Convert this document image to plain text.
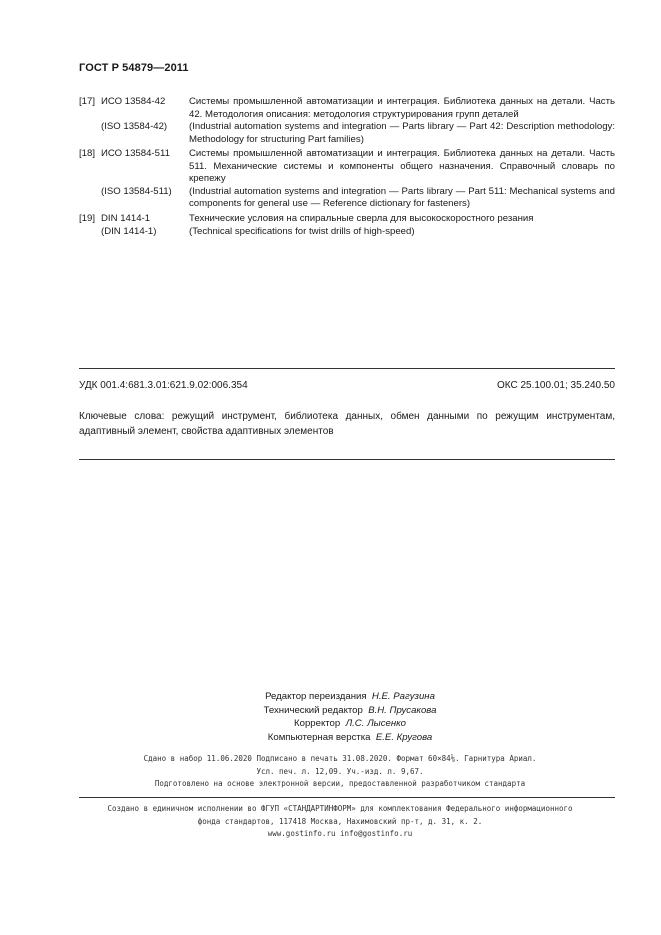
ГОСТ Р 54879—2011
[17] ИСО 13584-42 Системы промышленной автоматизации и интеграция. Библиотека данных на детали. Часть 42. Методология описания: методология структурирования групп деталей
(ISO 13584-42) (Industrial automation systems and integration — Parts library — Part 42: Description methodology: Methodology for structuring Part families)
[18] ИСО 13584-511 Системы промышленной автоматизации и интеграция. Библиотека данных на детали. Часть 511. Механические системы и компоненты общего назначения. Справочный словарь по крепежу
(ISO 13584-511) (Industrial automation systems and integration — Parts library — Part 511: Mechanical systems and components for general use — Reference dictionary for fasteners)
[19] DIN 1414-1	Технические условия на спиральные сверла для высокоскоростного резания
(DIN 1414-1)	(Technical specifications for twist drills of high-speed)
УДК 001.4:681.3.01:621.9.02:006.354	ОКС 25.100.01; 35.240.50
Ключевые слова: режущий инструмент, библиотека данных, обмен данными по режущим инструментам, адаптивный элемент, свойства адаптивных элементов
Редактор переиздания Н.Е. Рагузина
Технический редактор В.Н. Прусакова
Корректор Л.С. Лысенко
Компьютерная верстка Е.Е. Кругова
Сдано в набор 11.06.2020 Подписано в печать 31.08.2020. Формат 60×84⅛. Гарнитура Ариал.
Усл. печ. л. 12,09. Уч.-изд. л. 9,67.
Подготовлено на основе электронной версии, предоставленной разработчиком стандарта
Создано в единичном исполнении во ФГУП «СТАНДАРТИНФОРМ» для комплектования Федерального информационного
фонда стандартов, 117418 Москва, Нахимовский пр-т, д. 31, к. 2.
www.gostinfo.ru info@gostinfo.ru
